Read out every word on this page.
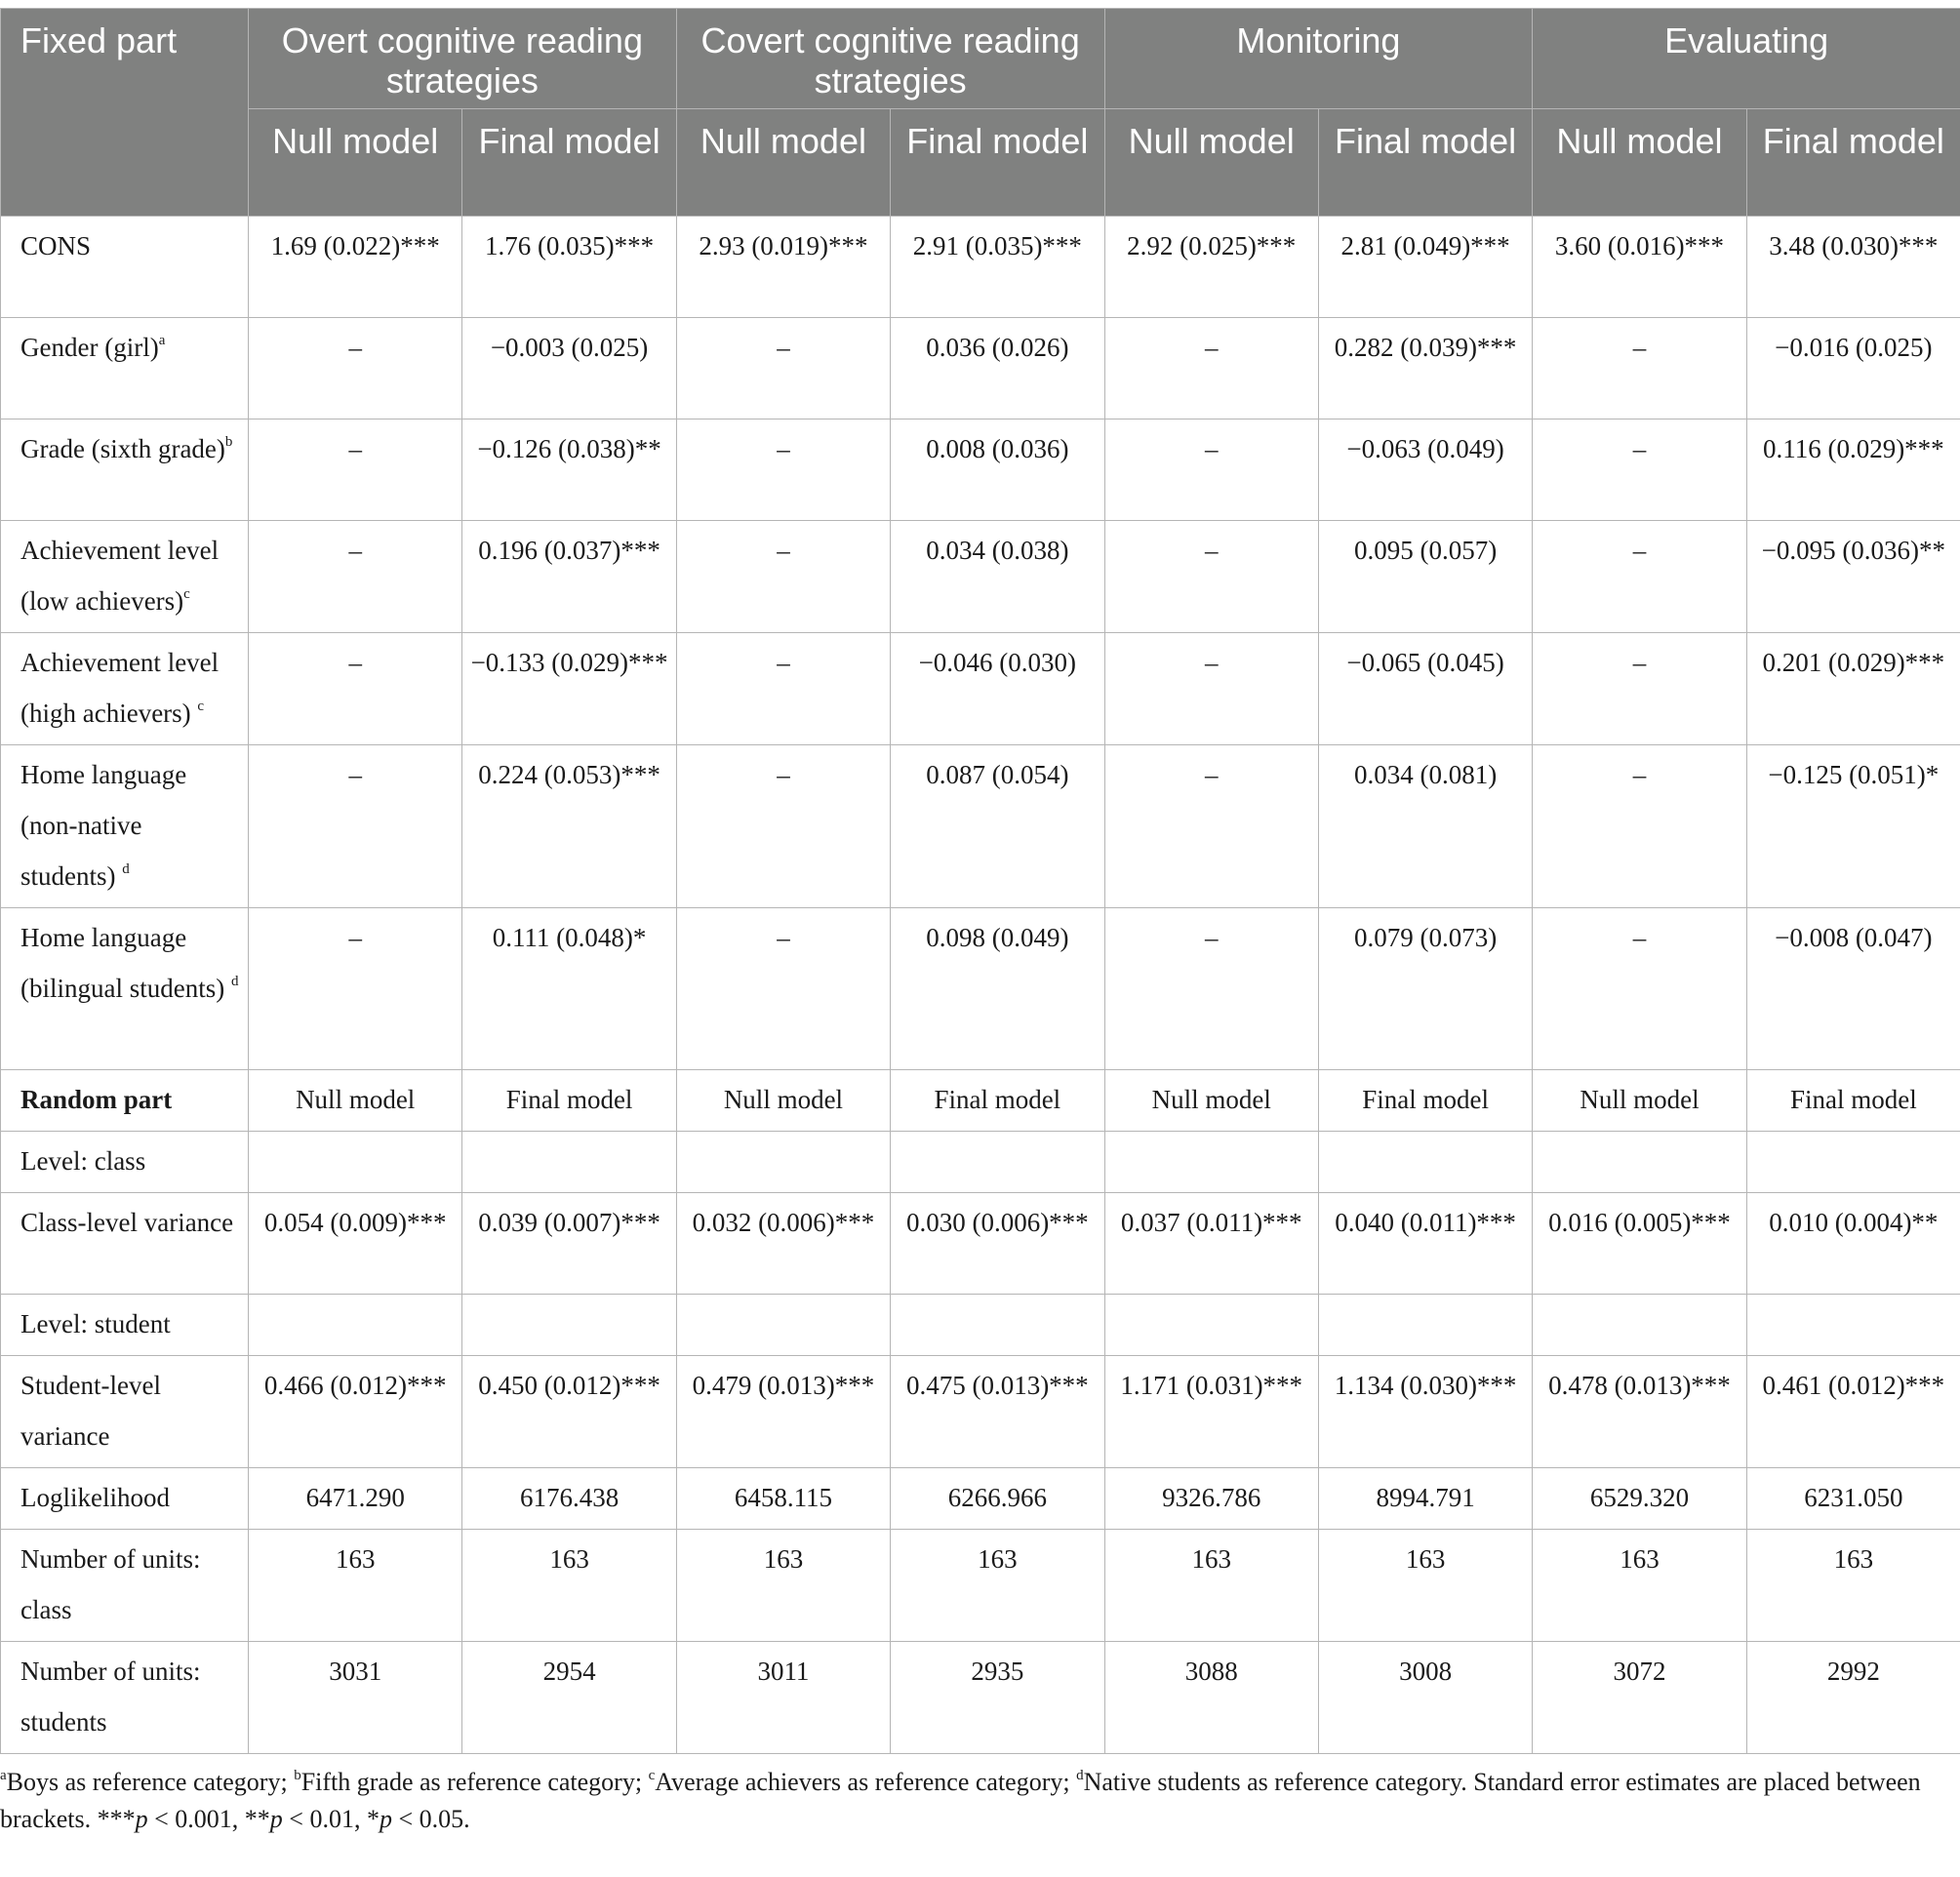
Fixed part	Overt cognitive reading strategies		Covert cognitive reading strategies		Monitoring		Evaluating	
	Null model	Final model	Null model	Final model	Null model	Final model	Null model	Final model
CONS	1.69 (0.022)***	1.76 (0.035)***	2.93 (0.019)***	2.91 (0.035)***	2.92 (0.025)***	2.81 (0.049)***	3.60 (0.016)***	3.48 (0.030)***
Gender (girl)$^a$	–	−0.003 (0.025)	–	0.036 (0.026)	–	0.282 (0.039)***	–	−0.016 (0.025)
Grade (sixth grade)$^b$	–	−0.126 (0.038)**	–	0.008 (0.036)	–	−0.063 (0.049)	–	0.116 (0.029)***
Achievement level (low achievers)$^c$	–	0.196 (0.037)***	–	0.034 (0.038)	–	0.095 (0.057)	–	−0.095 (0.036)**
Achievement level (high achievers) $^c$	–	−0.133 (0.029)***	–	−0.046 (0.030)	–	−0.065 (0.045)	–	0.201 (0.029)***
Home language (non-native students) $^d$	–	0.224 (0.053)***	–	0.087 (0.054)	–	0.034 (0.081)	–	−0.125 (0.051)*
Home language (bilingual students) $^d$	–	0.111 (0.048)*	–	0.098 (0.049)	–	0.079 (0.073)	–	−0.008 (0.047)
Random part	Null model	Final model	Null model	Final model	Null model	Final model	Null model	Final model
Level: class								
Class-level variance	0.054 (0.009)***	0.039 (0.007)***	0.032 (0.006)***	0.030 (0.006)***	0.037 (0.011)***	0.040 (0.011)***	0.016 (0.005)***	0.010 (0.004)**
Level: student								
Student-level variance	0.466 (0.012)***	0.450 (0.012)***	0.479 (0.013)***	0.475 (0.013)***	1.171 (0.031)***	1.134 (0.030)***	0.478 (0.013)***	0.461 (0.012)***
Loglikelihood	6471.290	6176.438	6458.115	6266.966	9326.786	8994.791	6529.320	6231.050
Number of units: class	163	163	163	163	163	163	163	163
Number of units: students	3031	2954	3011	2935	3088	3008	3072	2992
$^a$Boys as reference category; $^b$Fifth grade as reference category; $^c$Average achievers as reference category; $^d$Native students as reference category. Standard error estimates are placed between brackets. ***p < 0.001, **p < 0.01, *p < 0.05.
